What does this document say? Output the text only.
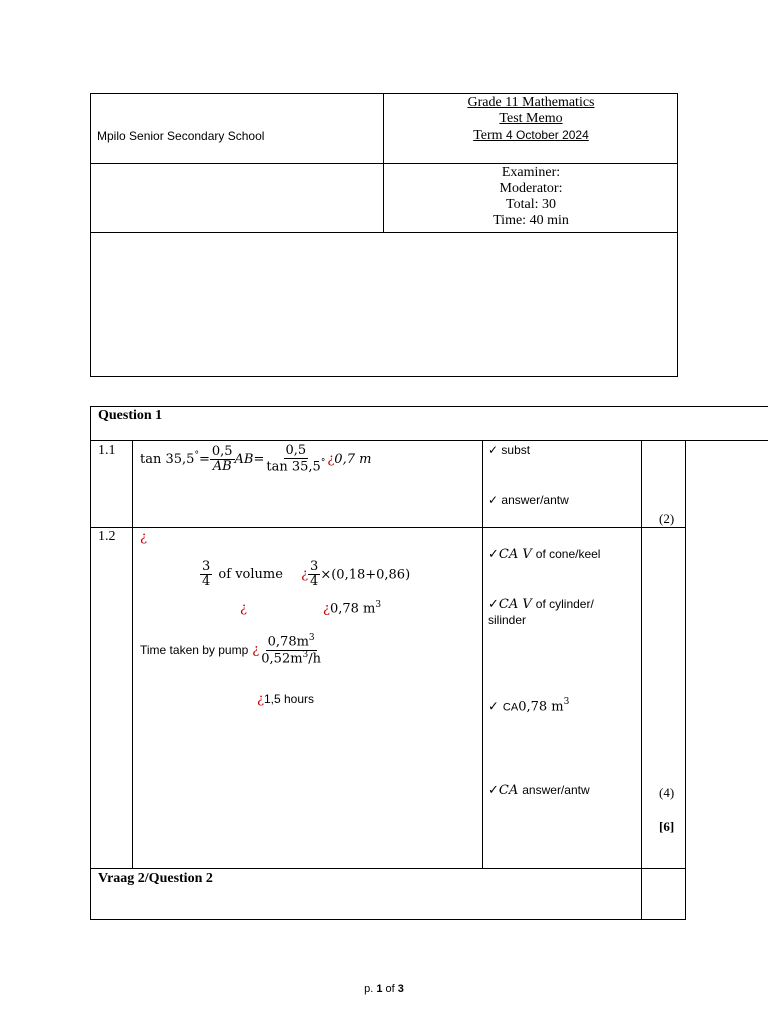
Mpilo Senior Secondary School
Grade 11 Mathematics
Test Memo
Term 4 October 2024
Examiner:
Moderator:
Total: 30
Time: 40 min
Question 1
1.1
$\tan 35,5^\circ= \frac{0,5}{AB} AB= \frac{0,5}{\tan 35,5^\circ}$ ¿0,7 m
✓ subst
✓ answer/antw
(2)
1.2 ¿
$\frac{3}{4}$ of volume ¿ $\frac{3}{4} \times(0,18+0,86)$
¿	¿0,78 $m^3$
Time taken by pump ¿ $\frac{0,78m^3}{0,52m^3/h}$
¿1,5 hours
✓CA V of cone/keel
✓CA V of cylinder/
silinder
✓ CA0,78 $m^3$
✓CA answer/antw	(4)
[6]
Vraag 2/Question 2
p. 1 of 3
